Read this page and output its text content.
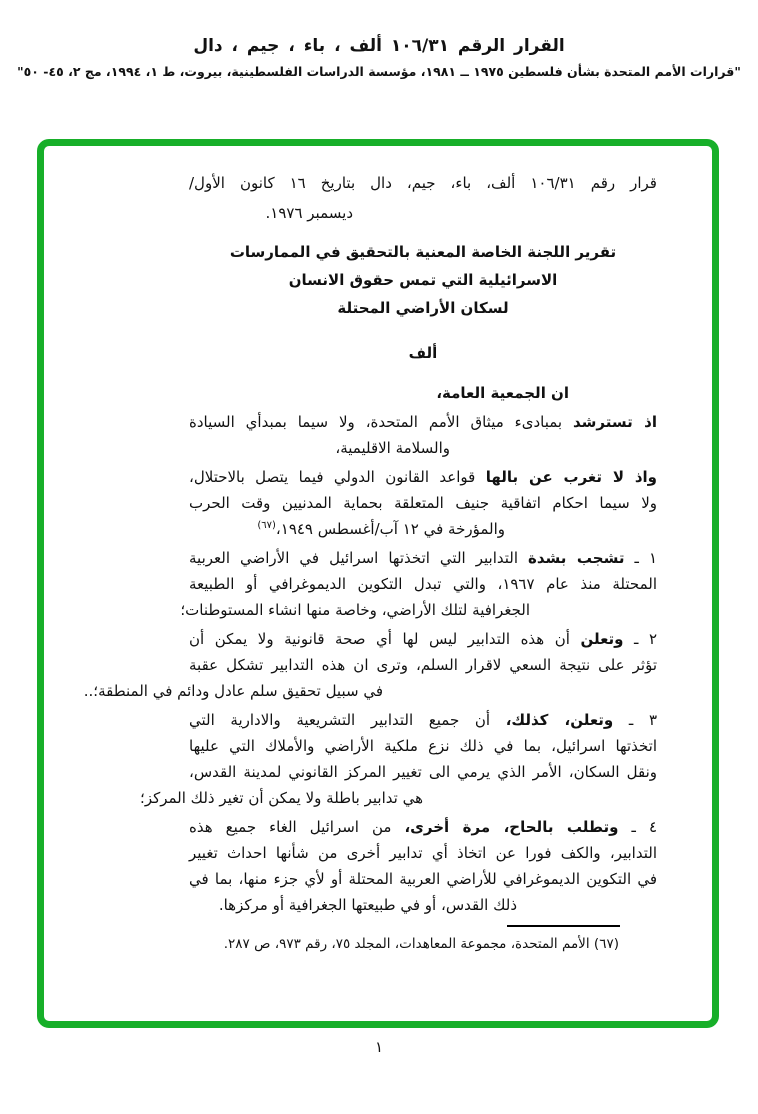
القرار الرقم ١٠٦/٣١ ألف ، باء ، جيم ، دال
"قرارات الأمم المتحدة بشأن فلسطين ١٩٧٥ ــ ١٩٨١، مؤسسة الدراسات الفلسطينية، بيروت، ط ١، ١٩٩٤، مج ٢، ٤٥- ٥٠"
قرار رقم ١٠٦/٣١ ألف، باء، جيم، دال بتاريخ ١٦ كانون الأول/
ديسمبر ١٩٧٦.
تقرير اللجنة الخاصة المعنية بالتحقيق في الممارسات
الاسرائيلية التي تمس حقوق الانسان
لسكان الأراضي المحتلة
ألف
ان الجمعية العامة،
اذ تسترشد بمبادىء ميثاق الأمم المتحدة، ولا سيما بمبدأي السيادة
والسلامة الاقليمية،
واذ لا تغرب عن بالها قواعد القانون الدولي فيما يتصل بالاحتلال،
ولا سيما احكام اتفاقية جنيف المتعلقة بحماية المدنيين وقت الحرب
والمؤرخة في ١٢ آب/أغسطس ١٩٤٩،$^{(٦٧)}$
١ ـ تشجب بشدة التدابير التي اتخذتها اسرائيل في الأراضي العربية
المحتلة منذ عام ١٩٦٧، والتي تبدل التكوين الديموغرافي أو الطبيعة
الجغرافية لتلك الأراضي، وخاصة منها انشاء المستوطنات؛
٢ ـ وتعلن أن هذه التدابير ليس لها أي صحة قانونية ولا يمكن أن
تؤثر على نتيجة السعي لاقرار السلم، وترى ان هذه التدابير تشكل عقبة
في سبيل تحقيق سلم عادل ودائم في المنطقة؛..
٣ ـ وتعلن، كذلك، أن جميع التدابير التشريعية والادارية التي
اتخذتها اسرائيل، بما في ذلك نزع ملكية الأراضي والأملاك التي عليها
ونقل السكان، الأمر الذي يرمي الى تغيير المركز القانوني لمدينة القدس،
هي تدابير باطلة ولا يمكن أن تغير ذلك المركز؛
٤ ـ وتطلب بالحاح، مرة أخرى، من اسرائيل الغاء جميع هذه
التدابير، والكف فورا عن اتخاذ أي تدابير أخرى من شأنها احداث تغيير
في التكوين الديموغرافي للأراضي العربية المحتلة أو لأي جزء منها، بما في
ذلك القدس، أو في طبيعتها الجغرافية أو مركزها.
(٦٧) الأمم المتحدة، مجموعة المعاهدات، المجلد ٧٥، رقم ٩٧٣، ص ٢٨٧.
١
